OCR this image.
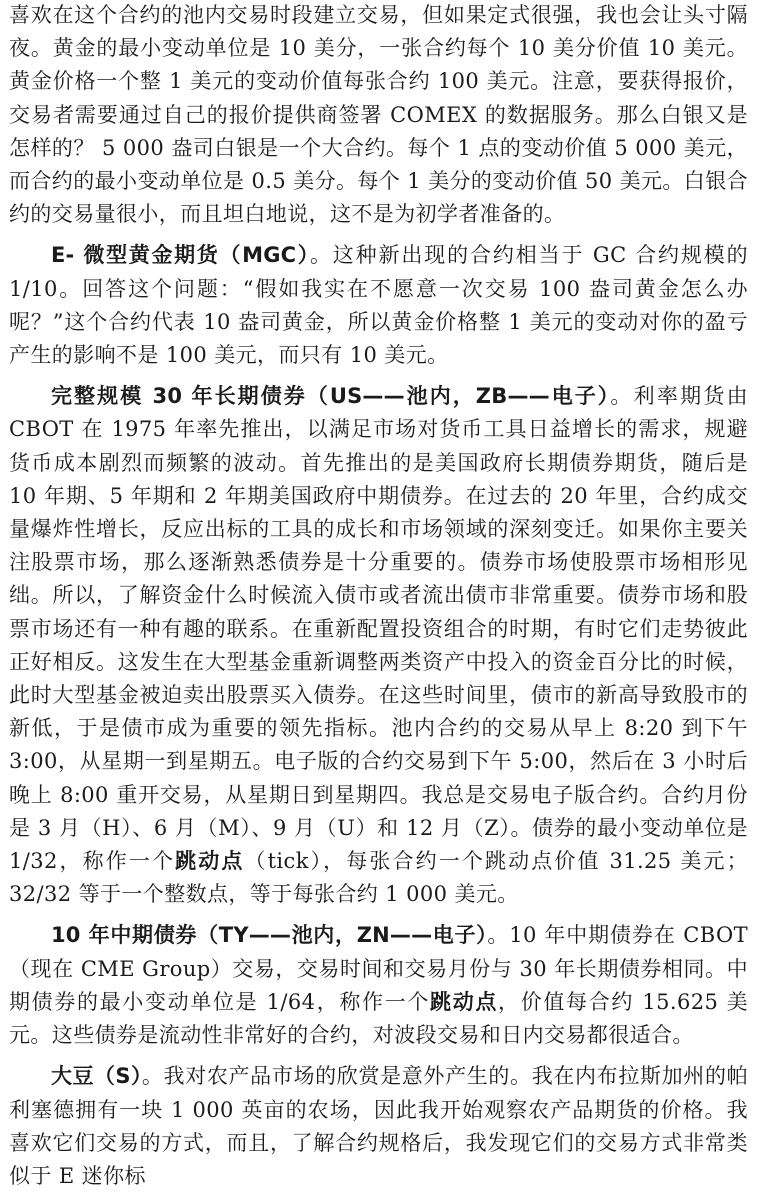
喜欢在这个合约的池内交易时段建立交易，但如果定式很强，我也会让头寸隔夜。黄金的最小变动单位是 10 美分，一张合约每个 10 美分价值 10 美元。黄金价格一个整 1 美元的变动价值每张合约 100 美元。注意，要获得报价，交易者需要通过自己的报价提供商签署 COMEX 的数据服务。那么白银又是怎样的？ 5 000 盎司白银是一个大合约。每个 1 点的变动价值 5 000 美元，而合约的最小变动单位是 0.5 美分。每个 1 美分的变动价值 50 美元。白银合约的交易量很小，而且坦白地说，这不是为初学者准备的。

E- 微型黄金期货（MGC）。这种新出现的合约相当于 GC 合约规模的 1/10。回答这个问题：“假如我实在不愿意一次交易 100 盎司黄金怎么办呢？”这个合约代表 10 盎司黄金，所以黄金价格整 1 美元的变动对你的盈亏产生的影响不是 100 美元，而只有 10 美元。

完整规模 30 年长期债券（US——池内，ZB——电子）。利率期货由 CBOT 在 1975 年率先推出，以满足市场对货币工具日益增长的需求，规避货币成本剧烈而频繁的波动。首先推出的是美国政府长期债券期货，随后是 10 年期、5 年期和 2 年期美国政府中期债券。在过去的 20 年里，合约成交量爆炸性增长，反应出标的工具的成长和市场领域的深刻变迁。如果你主要关注股票市场，那么逐渐熟悉债券是十分重要的。债券市场使股票市场相形见绌。所以，了解资金什么时候流入债市或者流出债市非常重要。债券市场和股票市场还有一种有趣的联系。在重新配置投资组合的时期，有时它们走势彼此正好相反。这发生在大型基金重新调整两类资产中投入的资金百分比的时候，此时大型基金被迫卖出股票买入债券。在这些时间里，债市的新高导致股市的新低，于是债市成为重要的领先指标。池内合约的交易从早上 8:20 到下午 3:00，从星期一到星期五。电子版的合约交易到下午 5:00，然后在 3 小时后晚上 8:00 重开交易，从星期日到星期四。我总是交易电子版合约。合约月份是 3 月（H）、6 月（M）、9 月（U）和 12 月（Z）。债券的最小变动单位是 1/32，称作一个跳动点（tick），每张合约一个跳动点价值 31.25 美元；32/32 等于一个整数点，等于每张合约 1 000 美元。

10 年中期债券（TY——池内，ZN——电子）。10 年中期债券在 CBOT（现在 CME Group）交易，交易时间和交易月份与 30 年长期债券相同。中期债券的最小变动单位是 1/64，称作一个跳动点，价值每合约 15.625 美元。这些债券是流动性非常好的合约，对波段交易和日内交易都很适合。

大豆（S）。我对农产品市场的欣赏是意外产生的。我在内布拉斯加州的帕利塞德拥有一块 1 000 英亩的农场，因此我开始观察农产品期货的价格。我喜欢它们交易的方式，而且，了解合约规格后，我发现它们的交易方式非常类似于 E 迷你标
